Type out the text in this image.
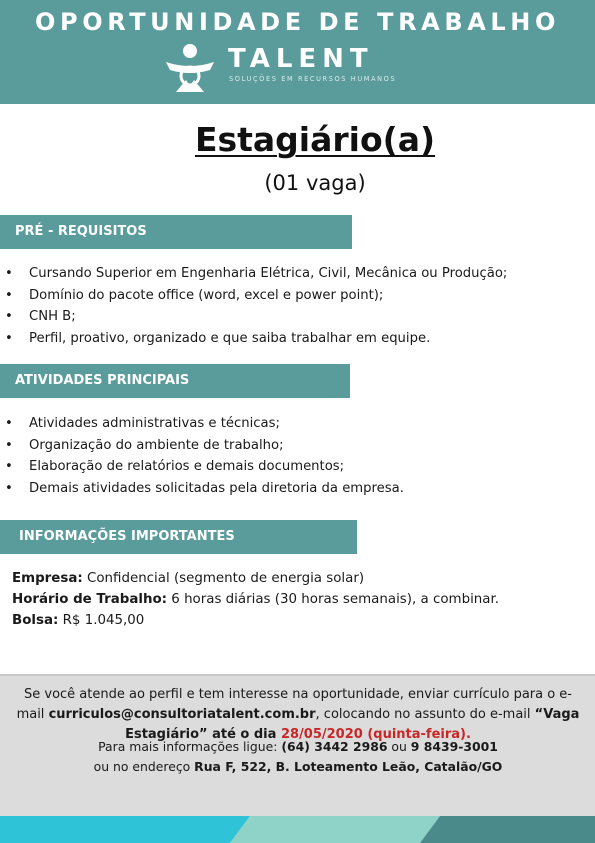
OPORTUNIDADE DE TRABALHO
TALENT
SOLUÇÕES EM RECURSOS HUMANOS
Estagiário(a)
(01 vaga)
PRÉ - REQUISITOS
• Cursando Superior em Engenharia Elétrica, Civil, Mecânica ou Produção;
• Domínio do pacote office (word, excel e power point);
• CNH B;
• Perfil, proativo, organizado e que saiba trabalhar em equipe.
ATIVIDADES PRINCIPAIS
• Atividades administrativas e técnicas;
• Organização do ambiente de trabalho;
• Elaboração de relatórios e demais documentos;
• Demais atividades solicitadas pela diretoria da empresa.
INFORMAÇÕES IMPORTANTES
Empresa: Confidencial (segmento de energia solar)
Horário de Trabalho: 6 horas diárias (30 horas semanais), a combinar.
Bolsa: R$ 1.045,00
Se você atende ao perfil e tem interesse na oportunidade, enviar currículo para o e-
mail curriculos@consultoriatalent.com.br, colocando no assunto do e-mail “Vaga
Estagiário” até o dia 28/05/2020 (quinta-feira).
Para mais informações ligue: (64) 3442 2986 ou 9 8439-3001
ou no endereço Rua F, 522, B. Loteamento Leão, Catalão/GO
